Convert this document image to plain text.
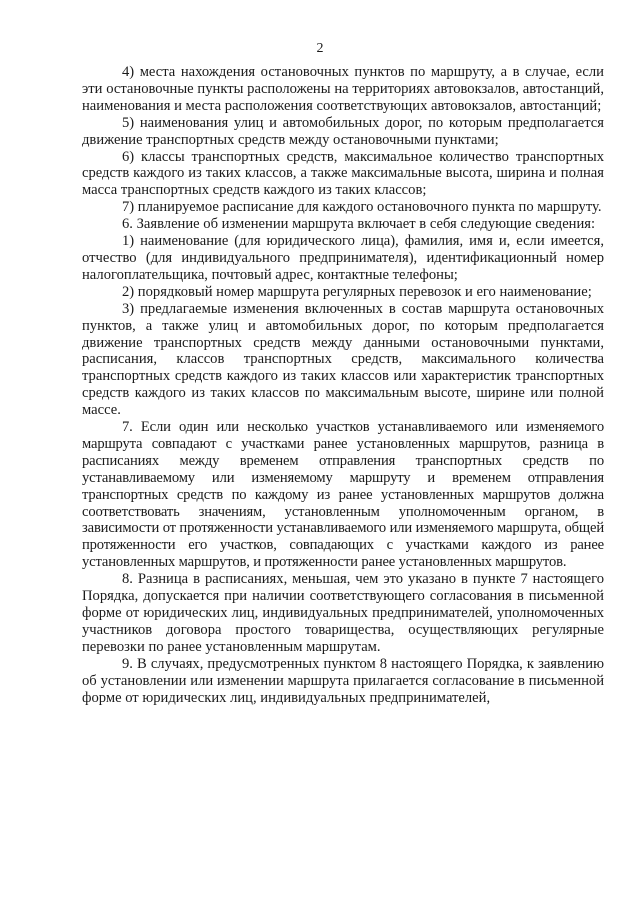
2

4) места нахождения остановочных пунктов по маршруту, а в случае, если эти остановочные пункты расположены на территориях автовокзалов, автостанций, наименования и места расположения соответствующих автовокзалов, автостанций;

5) наименования улиц и автомобильных дорог, по которым предполагается движение транспортных средств между остановочными пунктами;

6) классы транспортных средств, максимальное количество транспортных средств каждого из таких классов, а также максимальные высота, ширина и полная масса транспортных средств каждого из таких классов;

7) планируемое расписание для каждого остановочного пункта по маршруту.

6. Заявление об изменении маршрута включает в себя следующие сведения:

1) наименование (для юридического лица), фамилия, имя и, если имеется, отчество (для индивидуального предпринимателя), идентификационный номер налогоплательщика, почтовый адрес, контактные телефоны;

2) порядковый номер маршрута регулярных перевозок и его наименование;

3) предлагаемые изменения включенных в состав маршрута остановочных пунктов, а также улиц и автомобильных дорог, по которым предполагается движение транспортных средств между данными остановочными пунктами, расписания, классов транспортных средств, максимального количества транспортных средств каждого из таких классов или характеристик транспортных средств каждого из таких классов по максимальным высоте, ширине или полной массе.

7. Если один или несколько участков устанавливаемого или изменяемого маршрута совпадают с участками ранее установленных маршрутов, разница в расписаниях между временем отправления транспортных средств по устанавливаемому или изменяемому маршруту и временем отправления транспортных средств по каждому из ранее установленных маршрутов должна соответствовать значениям, установленным уполномоченным органом, в зависимости от протяженности устанавливаемого или изменяемого маршрута, общей протяженности его участков, совпадающих с участками каждого из ранее установленных маршрутов, и протяженности ранее установленных маршрутов.

8. Разница в расписаниях, меньшая, чем это указано в пункте 7 настоящего Порядка, допускается при наличии соответствующего согласования в письменной форме от юридических лиц, индивидуальных предпринимателей, уполномоченных участников договора простого товарищества, осуществляющих регулярные перевозки по ранее установленным маршрутам.

9. В случаях, предусмотренных пунктом 8 настоящего Порядка, к заявлению об установлении или изменении маршрута прилагается согласование в письменной форме от юридических лиц, индивидуальных предпринимателей,
